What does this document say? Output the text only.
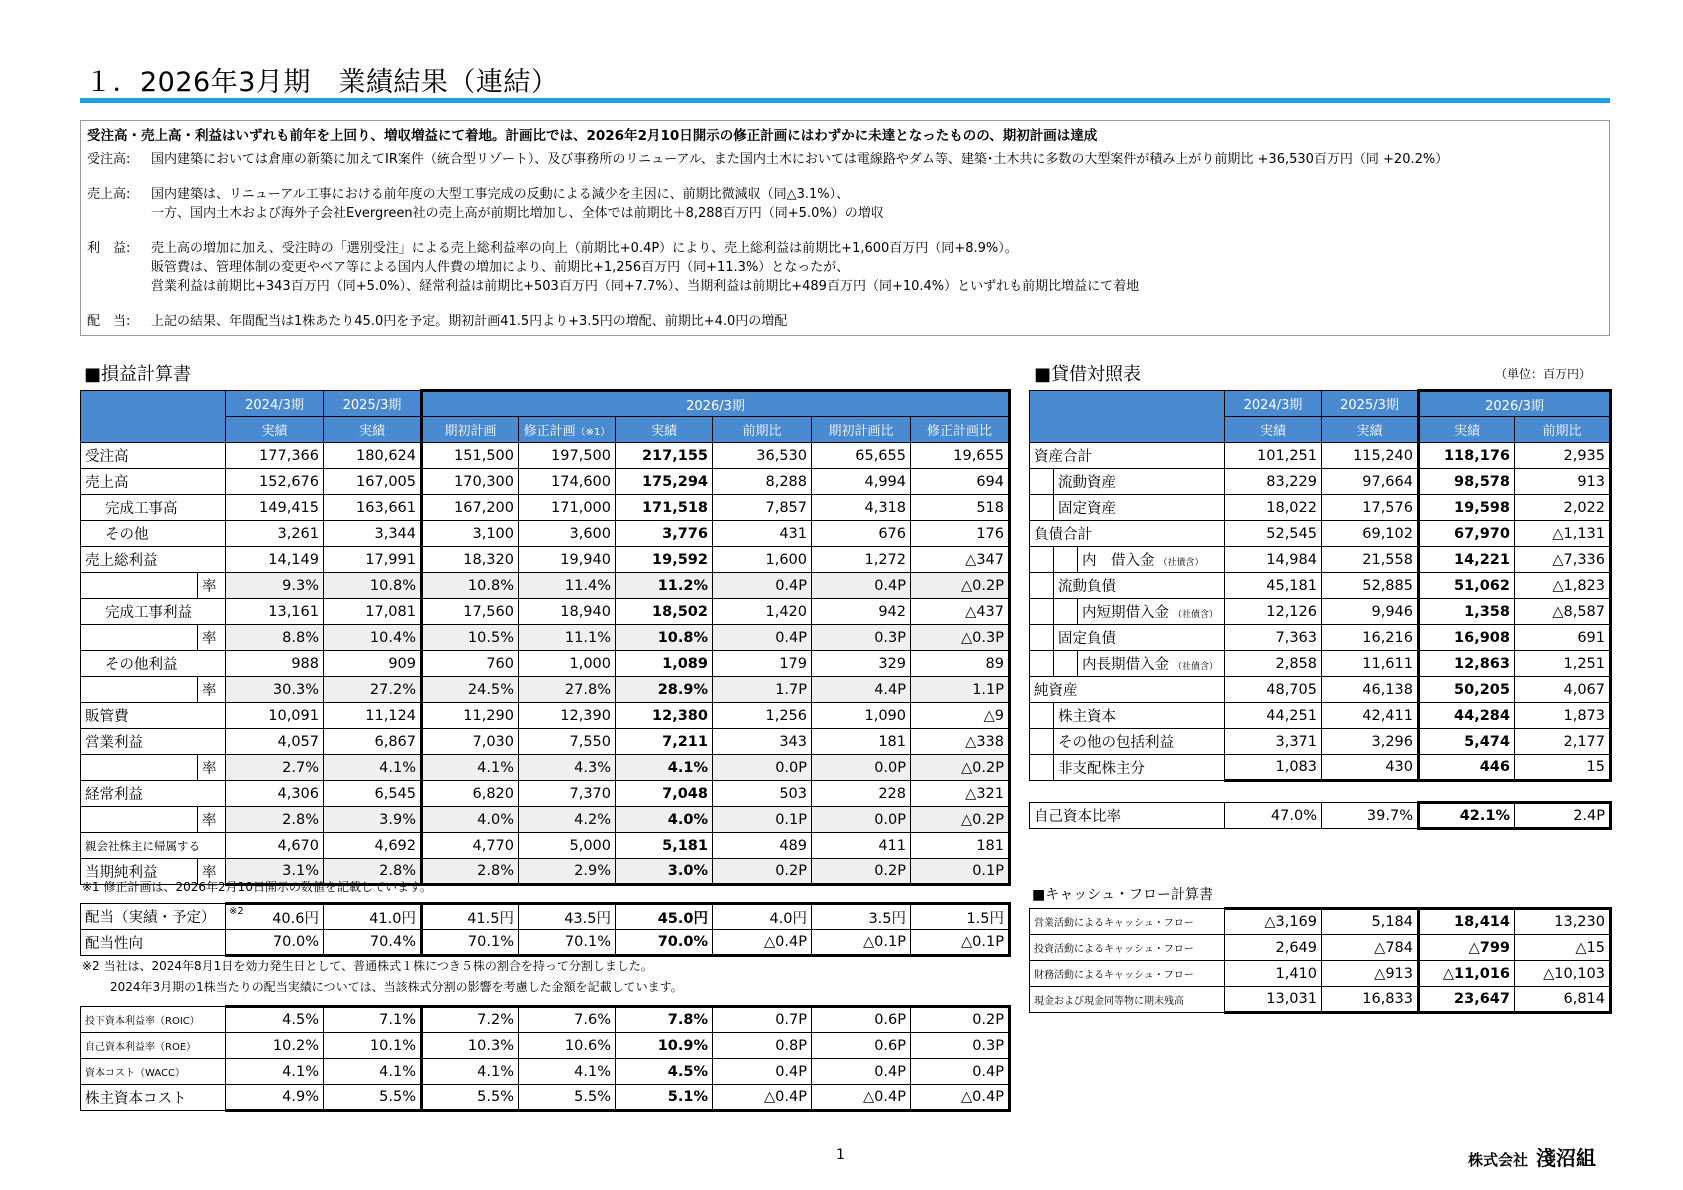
１．2026年3月期　業績結果（連結）
受注高・売上高・利益はいずれも前年を上回り、増収増益にて着地。計画比では、2026年2月10日開示の修正計画にはわずかに未達となったものの、期初計画は達成
受注高:	国内建築においては倉庫の新築に加えてIR案件（統合型リゾート）、及び事務所のリニューアル、また国内土木においては電線路やダム等、建築･土木共に多数の大型案件が積み上がり前期比 +36,530百万円（同 +20.2%）
売上高:	国内建築は、リニューアル工事における前年度の大型工事完成の反動による減少を主因に、前期比微減収（同△3.1%）、
一方、国内土木および海外子会社Evergreen社の売上高が前期比増加し、全体では前期比＋8,288百万円（同+5.0%）の増収
利　益:	売上高の増加に加え、受注時の「選別受注」による売上総利益率の向上（前期比+0.4P）により、売上総利益は前期比+1,600百万円（同+8.9%）。
販管費は、管理体制の変更やベア等による国内人件費の増加により、前期比+1,256百万円（同+11.3%）となったが、
営業利益は前期比+343百万円（同+5.0%）、経常利益は前期比+503百万円（同+7.7%）、当期利益は前期比+489百万円（同+10.4%）といずれも前期比増益にて着地
配　当:	上記の結果、年間配当は1株あたり45.0円を予定。期初計画41.5円より+3.5円の増配、前期比+4.0円の増配
■損益計算書	■貸借対照表	（単位：百万円）
		2024/3期	2025/3期	2026/3期					
		実績	実績	期初計画	修正計画（※1）	実績	前期比	期初計画比	修正計画比
受注高		177,366	180,624	151,500	197,500	217,155	36,530	65,655	19,655
売上高		152,676	167,005	170,300	174,600	175,294	8,288	4,994	694
完成工事高		149,415	163,661	167,200	171,000	171,518	7,857	4,318	518
その他		3,261	3,344	3,100	3,600	3,776	431	676	176
売上総利益		14,149	17,991	18,320	19,940	19,592	1,600	1,272	△347
	率	9.3%	10.8%	10.8%	11.4%	11.2%	0.4P	0.4P	△0.2P
完成工事利益		13,161	17,081	17,560	18,940	18,502	1,420	942	△437
	率	8.8%	10.4%	10.5%	11.1%	10.8%	0.4P	0.3P	△0.3P
その他利益		988	909	760	1,000	1,089	179	329	89
	率	30.3%	27.2%	24.5%	27.8%	28.9%	1.7P	4.4P	1.1P
販管費		10,091	11,124	11,290	12,390	12,380	1,256	1,090	△9
営業利益		4,057	6,867	7,030	7,550	7,211	343	181	△338
	率	2.7%	4.1%	4.1%	4.3%	4.1%	0.0P	0.0P	△0.2P
経常利益		4,306	6,545	6,820	7,370	7,048	503	228	△321
	率	2.8%	3.9%	4.0%	4.2%	4.0%	0.1P	0.0P	△0.2P
親会社株主に帰属する		4,670	4,692	4,770	5,000	5,181	489	411	181
当期純利益	率	3.1%	2.8%	2.8%	2.9%	3.0%	0.2P	0.2P	0.1P
※1 修正計画は、2026年2月10日開示の数値を記載しています。
配当（実績・予定）	※2 40.6円	41.0円	41.5円	43.5円	45.0円	4.0円	3.5円	1.5円
配当性向	70.0%	70.4%	70.1%	70.1%	70.0%	△0.4P	△0.1P	△0.1P
※2 当社は、2024年8月1日を効力発生日として、普通株式１株につき５株の割合を持って分割しました。
2024年3月期の1株当たりの配当実績については、当該株式分割の影響を考慮した金額を記載しています。
投下資本利益率（ROIC）	4.5%	7.1%	7.2%	7.6%	7.8%	0.7P	0.6P	0.2P
自己資本利益率（ROE）	10.2%	10.1%	10.3%	10.6%	10.9%	0.8P	0.6P	0.3P
資本コスト（WACC）	4.1%	4.1%	4.1%	4.1%	4.5%	0.4P	0.4P	0.4P
株主資本コスト	4.9%	5.5%	5.5%	5.5%	5.1%	△0.4P	△0.4P	△0.4P
			2024/3期	2025/3期	2026/3期	
			実績	実績	実績	前期比
資産合計			101,251	115,240	118,176	2,935
	流動資産		83,229	97,664	98,578	913
	固定資産		18,022	17,576	19,598	2,022
負債合計			52,545	69,102	67,970	△1,131
		内　借入金 （社債含）	14,984	21,558	14,221	△7,336
	流動負債		45,181	52,885	51,062	△1,823
		内短期借入金 （社債含）	12,126	9,946	1,358	△8,587
	固定負債		7,363	16,216	16,908	691
		内長期借入金 （社債含）	2,858	11,611	12,863	1,251
純資産			48,705	46,138	50,205	4,067
	株主資本		44,251	42,411	44,284	1,873
	その他の包括利益		3,371	3,296	5,474	2,177
	非支配株主分		1,083	430	446	15
自己資本比率	47.0%	39.7%	42.1%	2.4P
■キャッシュ・フロー計算書
営業活動によるキャッシュ・フロー	△3,169	5,184	18,414	13,230
投資活動によるキャッシュ・フロー	2,649	△784	△799	△15
財務活動によるキャッシュ・フロー	1,410	△913	△11,016	△10,103
現金および現金同等物に期末残高	13,031	16,833	23,647	6,814
1	株式会社 淺沼組
